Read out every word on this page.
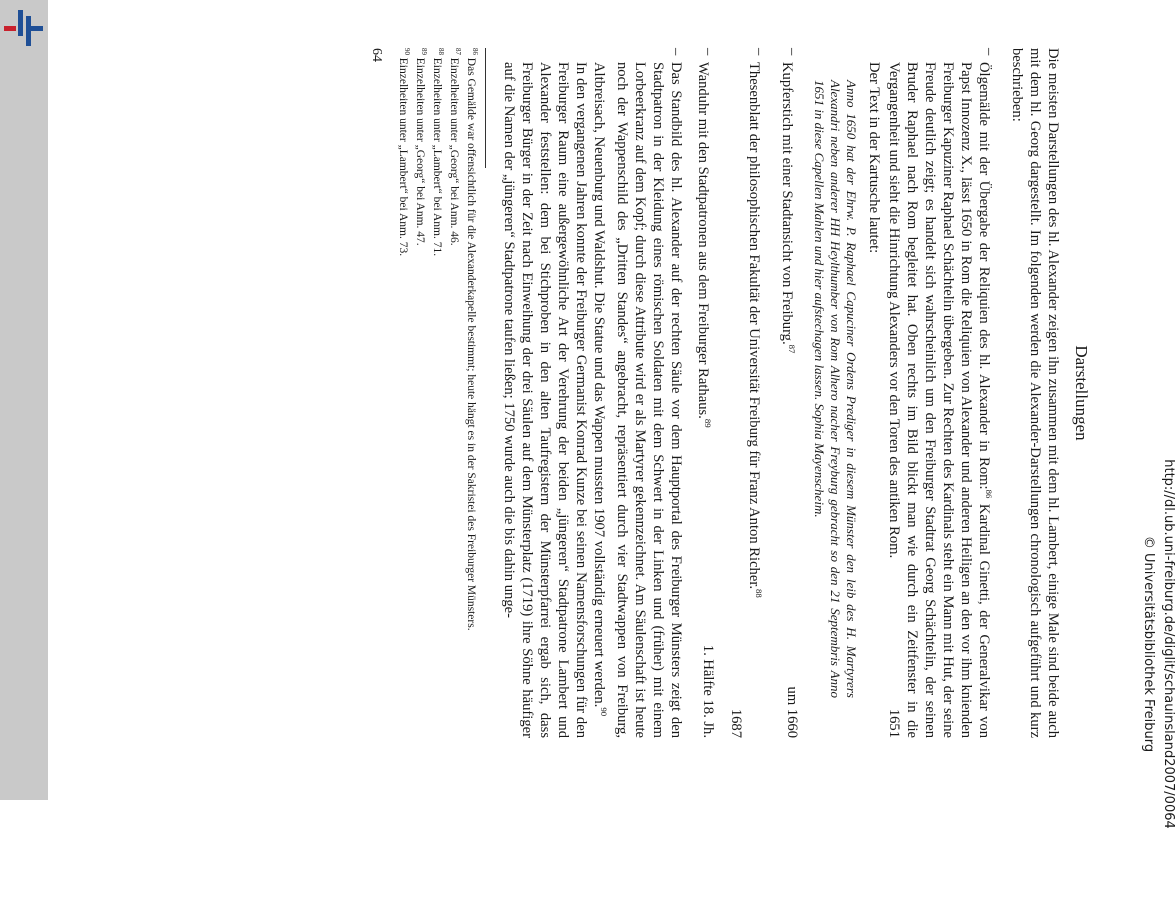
Darstellungen

Die meisten Darstellungen des hl. Alexander zeigen ihn zusammen mit dem hl. Lambert, einige Male sind beide auch mit dem hl. Georg dargestellt. Im folgenden werden die Alexander-Darstellungen chronologisch aufgeführt und kurz beschrieben:

–
Ölgemälde mit der Übergabe der Reliquien des hl. Alexander in Rom:$^{86}$ Kardinal Ginetti, der Generalvikar von Papst Innozenz X., lässt 1650 in Rom die Reliquien von Alexander und anderen Heiligen an den vor ihm knienden Freiburger Kapuziner Raphael Schächtelin übergeben. Zur Rechten des Kardinals steht ein Mann mit Hut, der seine Freude deutlich zeigt; es handelt sich wahrscheinlich um den Freiburger Stadtrat Georg Schächtelin, der seinen Bruder Raphael nach Rom begleitet hat. Oben rechts im Bild blickt man wie durch ein Zeitfenster in die Vergangenheit und sieht die Hinrichtung Alexanders vor den Toren des antiken Rom.
1651
Der Text in der Kartusche lautet:
Anno 1650 hat der Ehrw. P. Raphael Capuciner Ordens Prediger in diesem Münster den leib des H. Martyrers Alexandri neben anderer HH Heylthumber von Rom Alhero nacher Freyburg gebracht so den 21 Septembris Anno 1651 in diese Capellen Mahlen und hier aufstechagen lassen. Sophia Mayenscheim.
–
Kupferstich mit einer Stadtansicht von Freiburg.$^{87}$
um 1660
–
Thesenblatt der philosophischen Fakultät der Universität Freiburg für Franz Anton Richer.$^{88}$
1687
–
Wanduhr mit den Stadtpatronen aus dem Freiburger Rathaus.$^{89}$
1. Hälfte 18. Jh.
–
Das Standbild des hl. Alexander auf der rechten Säule vor dem Hauptportal des Freiburger Münsters zeigt den Stadtpatron in der Kleidung eines römischen Soldaten mit dem Schwert in der Linken und (früher) mit einem Lorbeerkranz auf dem Kopf; durch diese Attribute wird er als Martyrer gekennzeichnet. Am Säulenschaft ist heute noch der Wappenschild des „Dritten Standes“ angebracht, repräsentiert durch vier Stadtwappen von Freiburg, Altbreisach, Neuenburg und Waldshut. Die Statue und das Wappen mussten 1907 vollständig erneuert werden.$^{90}$
In den vergangenen Jahren konnte der Freiburger Germanist Konrad Kunze bei seinen Namensforschungen für den Freiburger Raum eine außergewöhnliche Art der Verehrung der beiden „jüngeren“ Stadtpatrone Lambert und Alexander feststellen: dem bei Stichproben in den alten Taufregistern der Münsterpfarrei ergab sich, dass Freiburger Bürger in der Zeit nach Einweihung der drei Säulen auf dem Münsterplatz (1719) ihre Söhne häufiger auf die Namen der „jüngeren“ Stadtpatrone taufen ließen; 1750 wurde auch die bis dahin unge-
$^{86}$ Das Gemälde war offensichtlich für die Alexanderkapelle bestimmt; heute hängt es in der Sakristei des Freiburger Münsters.
$^{87}$ Einzelheiten unter „Georg“ bei Anm. 46.
$^{88}$ Einzelheiten unter „Lambert“ bei Anm. 71.
$^{89}$ Einzelheiten unter „Georg“ bei Anm. 47.
$^{90}$ Einzelheiten unter „Lambert“ bei Anm. 73.
64
http://dl.ub.uni-freiburg.de/diglit/schauinsland2007/0064
© Universitätsbibliothek Freiburg
